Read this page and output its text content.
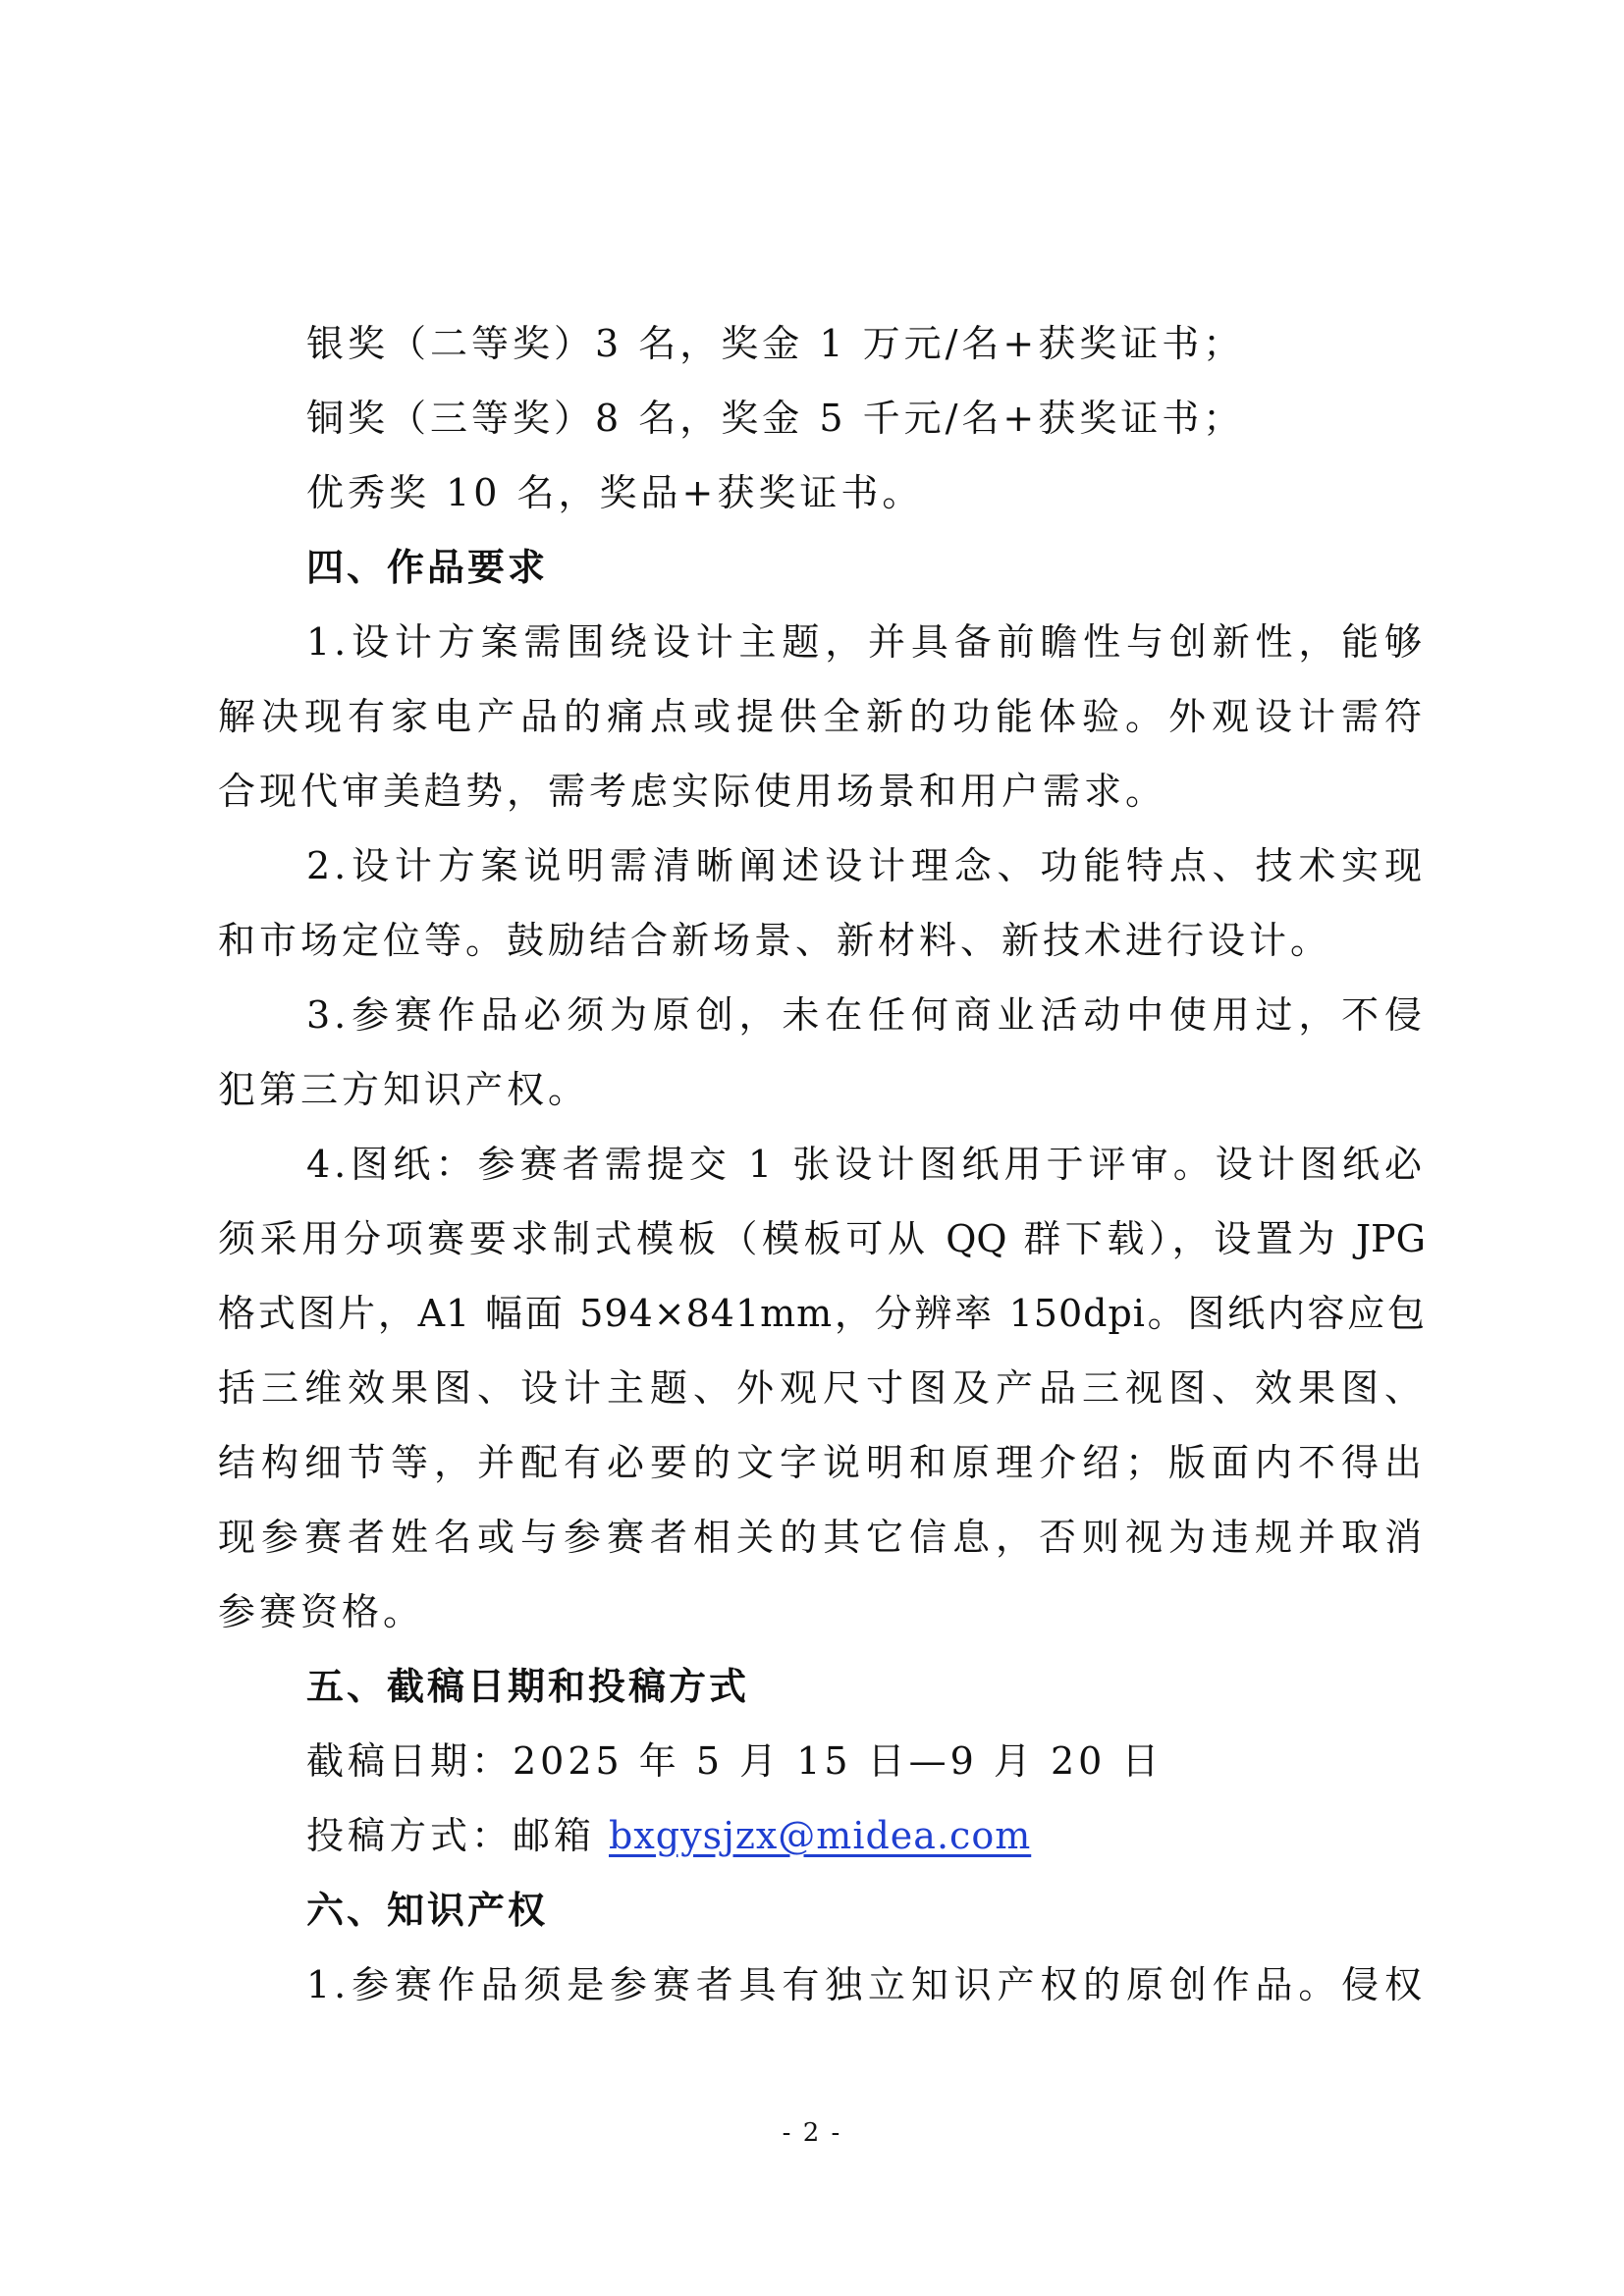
银奖（二等奖）3 名，奖金 1 万元/名+获奖证书；
铜奖（三等奖）8 名，奖金 5 千元/名+获奖证书；
优秀奖 10 名，奖品+获奖证书。
四、作品要求
1.设计方案需围绕设计主题，并具备前瞻性与创新性，能够
解决现有家电产品的痛点或提供全新的功能体验。外观设计需符
合现代审美趋势，需考虑实际使用场景和用户需求。
2.设计方案说明需清晰阐述设计理念、功能特点、技术实现
和市场定位等。鼓励结合新场景、新材料、新技术进行设计。
3.参赛作品必须为原创，未在任何商业活动中使用过，不侵
犯第三方知识产权。
4.图纸：参赛者需提交 1 张设计图纸用于评审。设计图纸必
须采用分项赛要求制式模板（模板可从 QQ 群下载），设置为 JPG
格式图片，A1 幅面 594×841mm，分辨率 150dpi。图纸内容应包
括三维效果图、设计主题、外观尺寸图及产品三视图、效果图、
结构细节等，并配有必要的文字说明和原理介绍；版面内不得出
现参赛者姓名或与参赛者相关的其它信息，否则视为违规并取消
参赛资格。
五、截稿日期和投稿方式
截稿日期：2025 年 5 月 15 日—9 月 20 日
投稿方式：邮箱 bxgysjzx@midea.com
六、知识产权
1.参赛作品须是参赛者具有独立知识产权的原创作品。侵权
- 2 -
